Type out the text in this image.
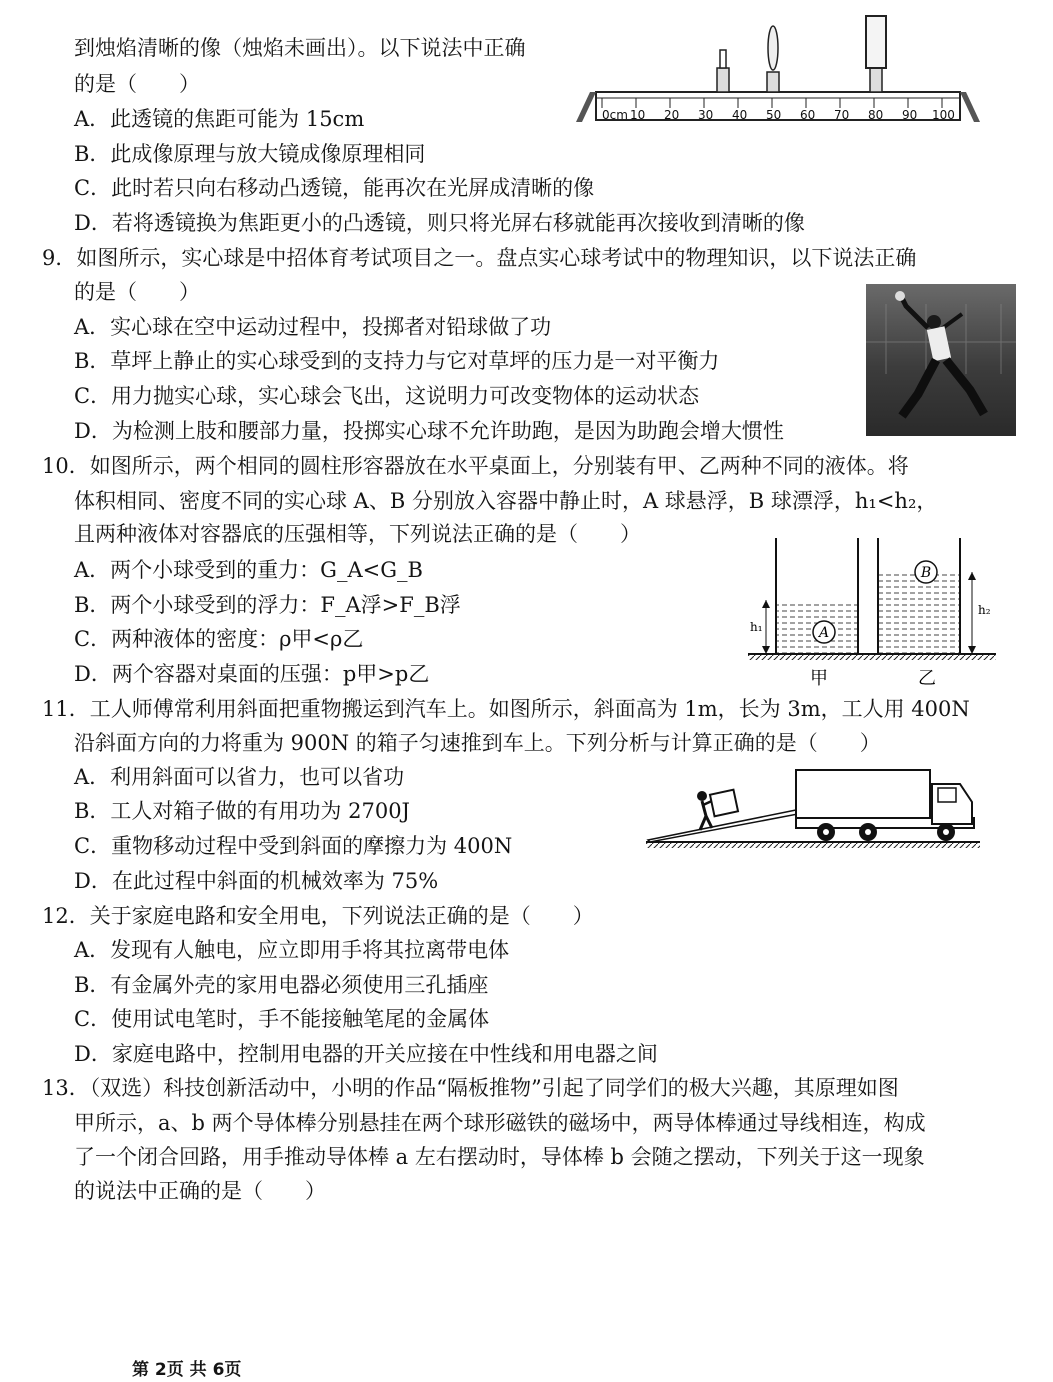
到烛焰清晰的像（烛焰未画出）。以下说法中正确
的是（　　）
A．此透镜的焦距可能为 15cm
B．此成像原理与放大镜成像原理相同
C．此时若只向右移动凸透镜，能再次在光屏成清晰的像
D．若将透镜换为焦距更小的凸透镜，则只将光屏右移就能再次接收到清晰的像
0cm 10 20 30 40 50 60 70 80 90 100
9．如图所示，实心球是中招体育考试项目之一。盘点实心球考试中的物理知识，以下说法正确
的是（　　）
A．实心球在空中运动过程中，投掷者对铅球做了功
B．草坪上静止的实心球受到的支持力与它对草坪的压力是一对平衡力
C．用力抛实心球，实心球会飞出，这说明力可改变物体的运动状态
D．为检测上肢和腰部力量，投掷实心球不允许助跑，是因为助跑会增大惯性
10．如图所示，两个相同的圆柱形容器放在水平桌面上，分别装有甲、乙两种不同的液体。将
体积相同、密度不同的实心球 A、B 分别放入容器中静止时，A 球悬浮，B 球漂浮，h₁<h₂，
且两种液体对容器底的压强相等，下列说法正确的是（　　）
A．两个小球受到的重力：G_A<G_B
B．两个小球受到的浮力：F_A浮>F_B浮
C．两种液体的密度：ρ甲<ρ乙
D．两个容器对桌面的压强：p甲>p乙
A
h₁
B
h₂
甲	乙
11．工人师傅常利用斜面把重物搬运到汽车上。如图所示，斜面高为 1m，长为 3m，工人用 400N
沿斜面方向的力将重为 900N 的箱子匀速推到车上。下列分析与计算正确的是（　　）
A．利用斜面可以省力，也可以省功
B．工人对箱子做的有用功为 2700J
C．重物移动过程中受到斜面的摩擦力为 400N
D．在此过程中斜面的机械效率为 75%
12．关于家庭电路和安全用电，下列说法正确的是（　　）
A．发现有人触电，应立即用手将其拉离带电体
B．有金属外壳的家用电器必须使用三孔插座
C．使用试电笔时，手不能接触笔尾的金属体
D．家庭电路中，控制用电器的开关应接在中性线和用电器之间
13．（双选）科技创新活动中，小明的作品“隔板推物”引起了同学们的极大兴趣，其原理如图
甲所示，a、b 两个导体棒分别悬挂在两个球形磁铁的磁场中，两导体棒通过导线相连，构成
了一个闭合回路，用手推动导体棒 a 左右摆动时，导体棒 b 会随之摆动，下列关于这一现象
的说法中正确的是（　　）
第 2页 共 6页
